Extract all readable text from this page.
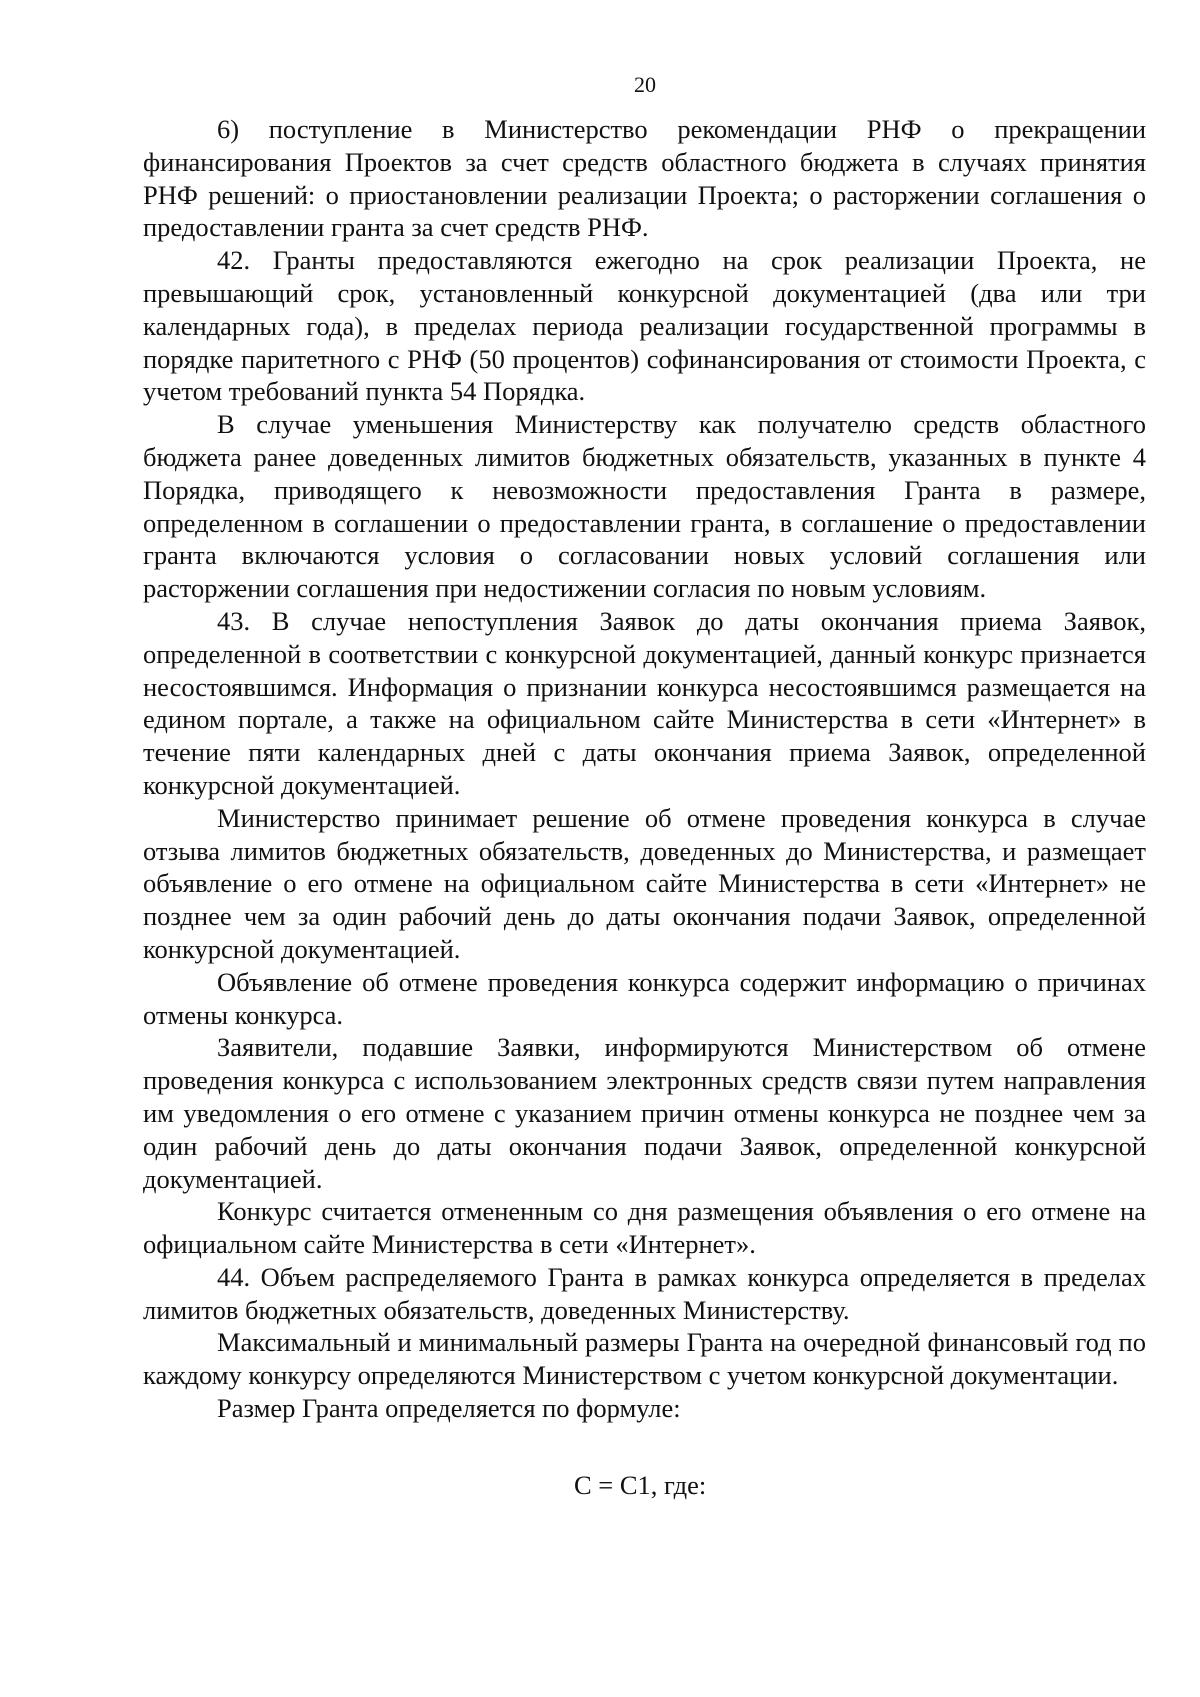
20

6) поступление в Министерство рекомендации РНФ о прекращении финансирования Проектов за счет средств областного бюджета в случаях принятия РНФ решений: о приостановлении реализации Проекта; о расторжении соглашения о предоставлении гранта за счет средств РНФ.

42. Гранты предоставляются ежегодно на срок реализации Проекта, не превышающий срок, установленный конкурсной документацией (два или три календарных года), в пределах периода реализации государственной программы в порядке паритетного с РНФ (50 процентов) софинансирования от стоимости Проекта, с учетом требований пункта 54 Порядка.

В случае уменьшения Министерству как получателю средств областного бюджета ранее доведенных лимитов бюджетных обязательств, указанных в пункте 4 Порядка, приводящего к невозможности предоставления Гранта в размере, определенном в соглашении о предоставлении гранта, в соглашение о предоставлении гранта включаются условия о согласовании новых условий соглашения или расторжении соглашения при недостижении согласия по новым условиям.

43. В случае непоступления Заявок до даты окончания приема Заявок, определенной в соответствии с конкурсной документацией, данный конкурс признается несостоявшимся. Информация о признании конкурса несостоявшимся размещается на едином портале, а также на официальном сайте Министерства в сети «Интернет» в течение пяти календарных дней с даты окончания приема Заявок, определенной конкурсной документацией.

Министерство принимает решение об отмене проведения конкурса в случае отзыва лимитов бюджетных обязательств, доведенных до Министерства, и размещает объявление о его отмене на официальном сайте Министерства в сети «Интернет» не позднее чем за один рабочий день до даты окончания подачи Заявок, определенной конкурсной документацией.

Объявление об отмене проведения конкурса содержит информацию о причинах отмены конкурса.

Заявители, подавшие Заявки, информируются Министерством об отмене проведения конкурса с использованием электронных средств связи путем направления им уведомления о его отмене с указанием причин отмены конкурса не позднее чем за один рабочий день до даты окончания подачи Заявок, определенной конкурсной документацией.

Конкурс считается отмененным со дня размещения объявления о его отмене на официальном сайте Министерства в сети «Интернет».

44. Объем распределяемого Гранта в рамках конкурса определяется в пределах лимитов бюджетных обязательств, доведенных Министерству.

Максимальный и минимальный размеры Гранта на очередной финансовый год по каждому конкурсу определяются Министерством с учетом конкурсной документации.

Размер Гранта определяется по формуле:

С = С1, где:
